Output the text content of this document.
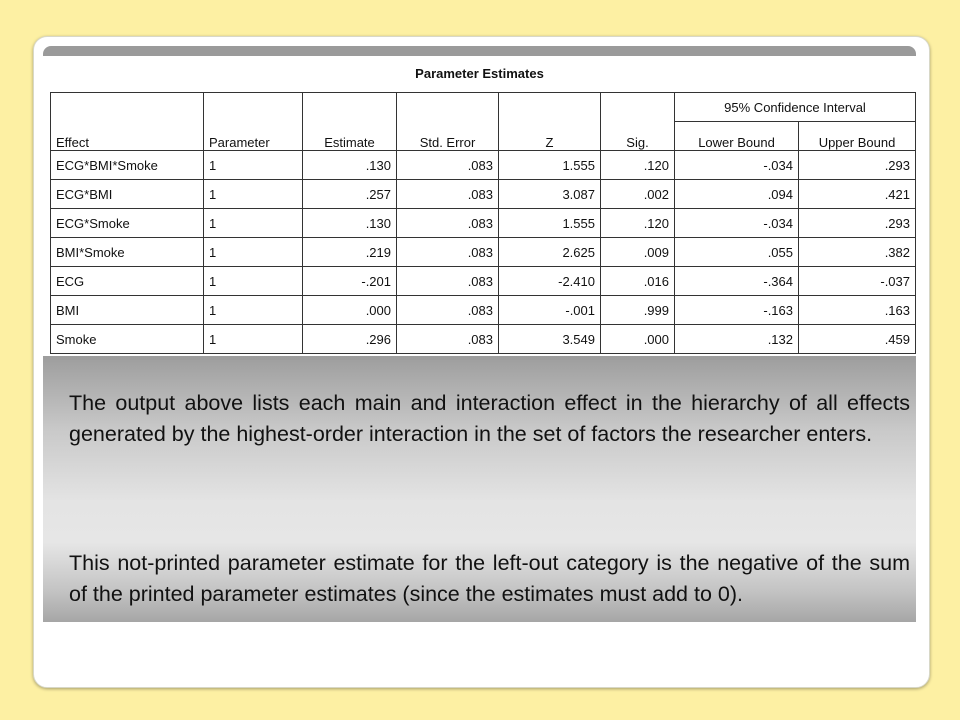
Parameter Estimates
Effect	Parameter	Estimate	Std. Error	Z	Sig.	95% Confidence Interval	
						Lower Bound	Upper Bound
ECG*BMI*Smoke	1	.130	.083	1.555	.120	-.034	.293
ECG*BMI	1	.257	.083	3.087	.002	.094	.421
ECG*Smoke	1	.130	.083	1.555	.120	-.034	.293
BMI*Smoke	1	.219	.083	2.625	.009	.055	.382
ECG	1	-.201	.083	-2.410	.016	-.364	-.037
BMI	1	.000	.083	-.001	.999	-.163	.163
Smoke	1	.296	.083	3.549	.000	.132	.459

The output above lists each main and interaction effect in the hierarchy of all effects generated by the highest-order interaction in the set of factors the researcher enters.

This not-printed parameter estimate for the left-out category is the negative of the sum of the printed parameter estimates (since the estimates must add to 0).
